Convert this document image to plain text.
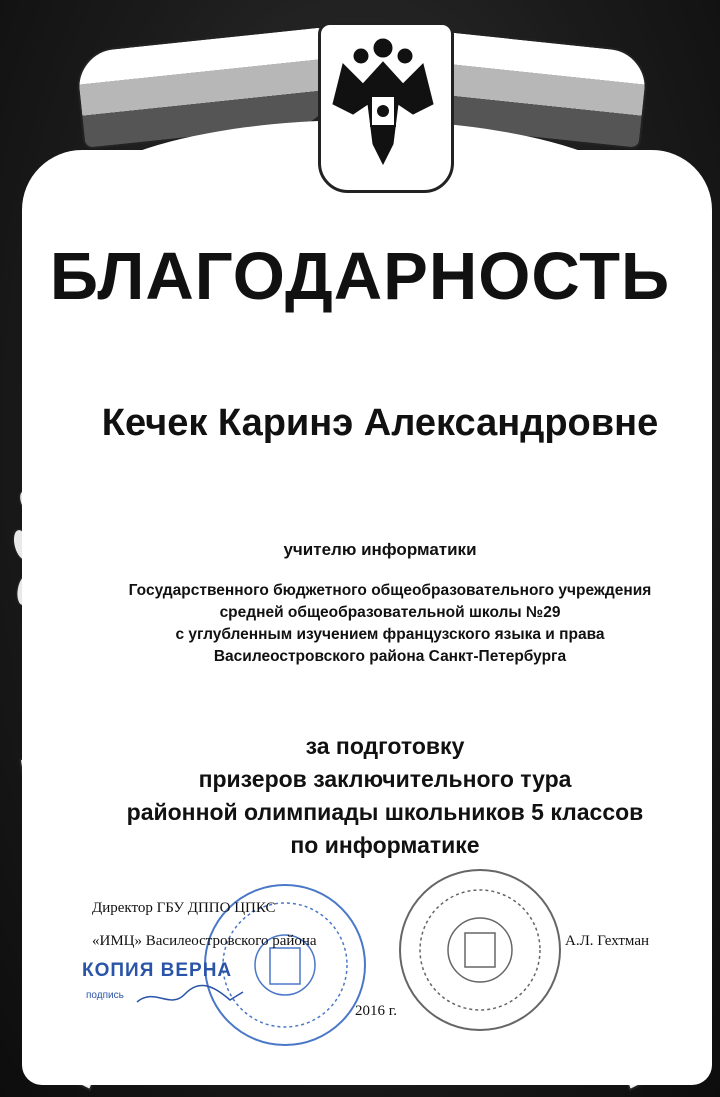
БЛАГОДАРНОСТЬ
Кечек Каринэ Александровне
учителю информатики
Государственного бюджетного общеобразовательного учреждения
средней общеобразовательной школы №29
с углубленным изучением французского языка и права
Василеостровского района Санкт-Петербурга
за подготовку
призеров заключительного тура
районной олимпиады школьников 5 классов
по информатике
Директор ГБУ ДППО ЦПКС
«ИМЦ» Василеостровского района	А.Л. Гехтман
2016 г.
КОПИЯ ВЕРНА
подпись
